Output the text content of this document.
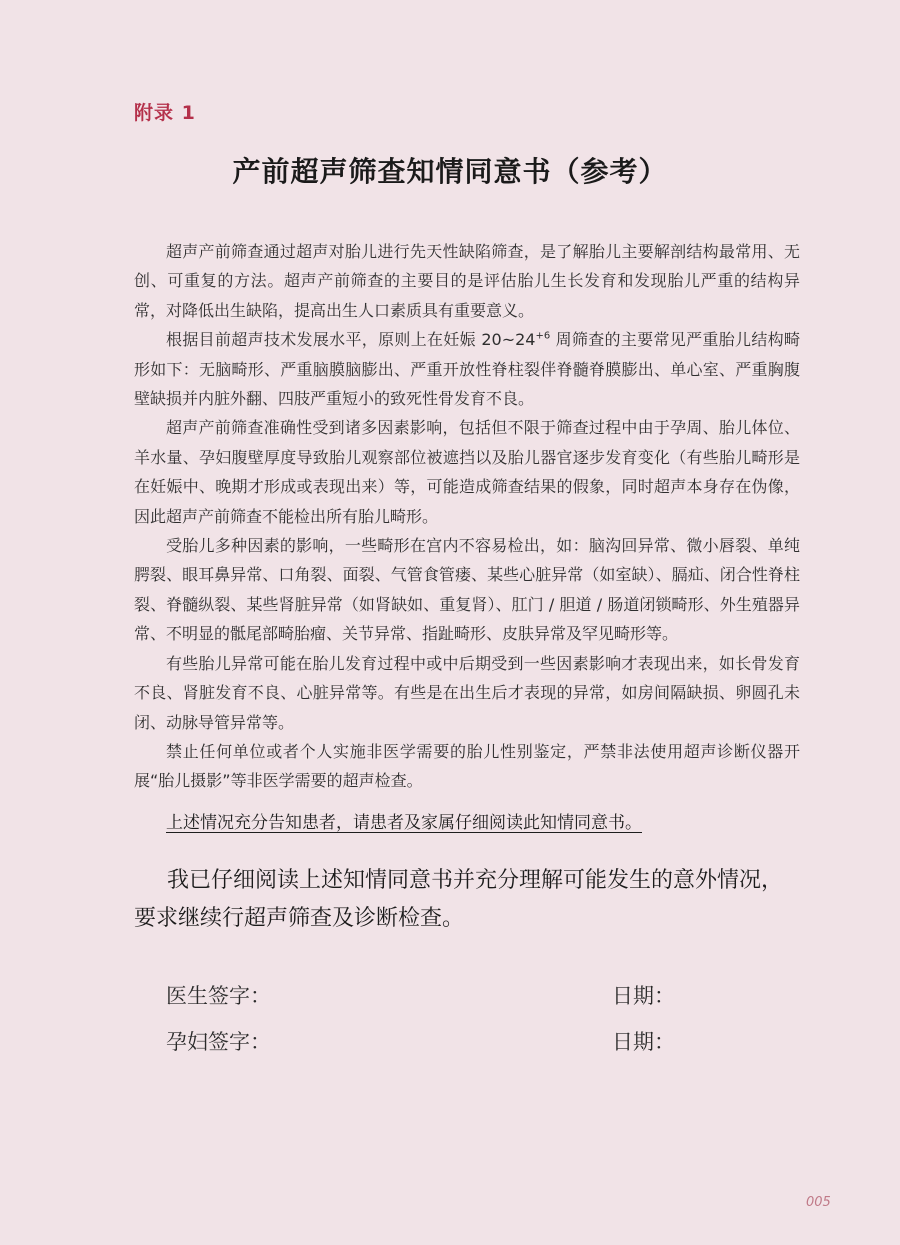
附录 1
产前超声筛查知情同意书（参考）

超声产前筛查通过超声对胎儿进行先天性缺陷筛查，是了解胎儿主要解剖结构最常用、无创、可重复的方法。超声产前筛查的主要目的是评估胎儿生长发育和发现胎儿严重的结构异常，对降低出生缺陷，提高出生人口素质具有重要意义。

根据目前超声技术发展水平，原则上在妊娠 $20\sim 24^{+6}$ 周筛查的主要常见严重胎儿结构畸形如下：无脑畸形、严重脑膜脑膨出、严重开放性脊柱裂伴脊髓脊膜膨出、单心室、严重胸腹壁缺损并内脏外翻、四肢严重短小的致死性骨发育不良。

超声产前筛查准确性受到诸多因素影响，包括但不限于筛查过程中由于孕周、胎儿体位、羊水量、孕妇腹壁厚度导致胎儿观察部位被遮挡以及胎儿器官逐步发育变化（有些胎儿畸形是在妊娠中、晚期才形成或表现出来）等，可能造成筛查结果的假象，同时超声本身存在伪像，因此超声产前筛查不能检出所有胎儿畸形。

受胎儿多种因素的影响，一些畸形在宫内不容易检出，如：脑沟回异常、微小唇裂、单纯腭裂、眼耳鼻异常、口角裂、面裂、气管食管瘘、某些心脏异常（如室缺）、膈疝、闭合性脊柱裂、脊髓纵裂、某些肾脏异常（如肾缺如、重复肾）、肛门 / 胆道 / 肠道闭锁畸形、外生殖器异常、不明显的骶尾部畸胎瘤、关节异常、指趾畸形、皮肤异常及罕见畸形等。

有些胎儿异常可能在胎儿发育过程中或中后期受到一些因素影响才表现出来，如长骨发育不良、肾脏发育不良、心脏异常等。有些是在出生后才表现的异常，如房间隔缺损、卵圆孔未闭、动脉导管异常等。

禁止任何单位或者个人实施非医学需要的胎儿性别鉴定，严禁非法使用超声诊断仪器开展“胎儿摄影”等非医学需要的超声检查。

上述情况充分告知患者，请患者及家属仔细阅读此知情同意书。

我已仔细阅读上述知情同意书并充分理解可能发生的意外情况，要求继续行超声筛查及诊断检查。

医生签字：	日期：
孕妇签字：	日期：
005
